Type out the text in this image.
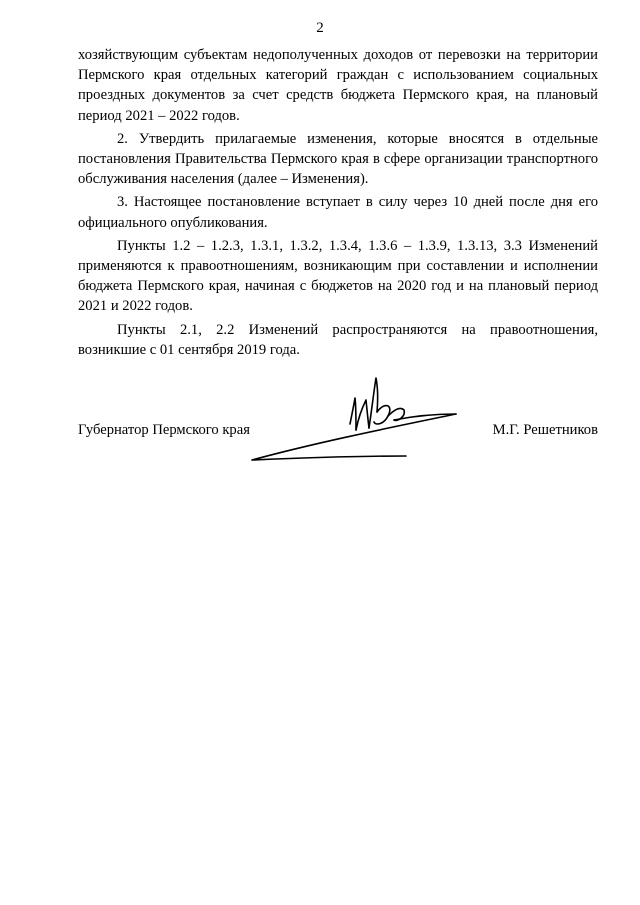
2

хозяйствующим субъектам недополученных доходов от перевозки на территории Пермского края отдельных категорий граждан с использованием социальных проездных документов за счет средств бюджета Пермского края, на плановый период 2021 – 2022 годов.

2. Утвердить прилагаемые изменения, которые вносятся в отдельные постановления Правительства Пермского края в сфере организации транспортного обслуживания населения (далее – Изменения).

3. Настоящее постановление вступает в силу через 10 дней после дня его официального опубликования.

Пункты 1.2 – 1.2.3, 1.3.1, 1.3.2, 1.3.4, 1.3.6 – 1.3.9, 1.3.13, 3.3 Изменений применяются к правоотношениям, возникающим при составлении и исполнении бюджета Пермского края, начиная с бюджетов на 2020 год и на плановый период 2021 и 2022 годов.

Пункты 2.1, 2.2 Изменений распространяются на правоотношения, возникшие с 01 сентября 2019 года.

Губернатор Пермского края	М.Г. Решетников
